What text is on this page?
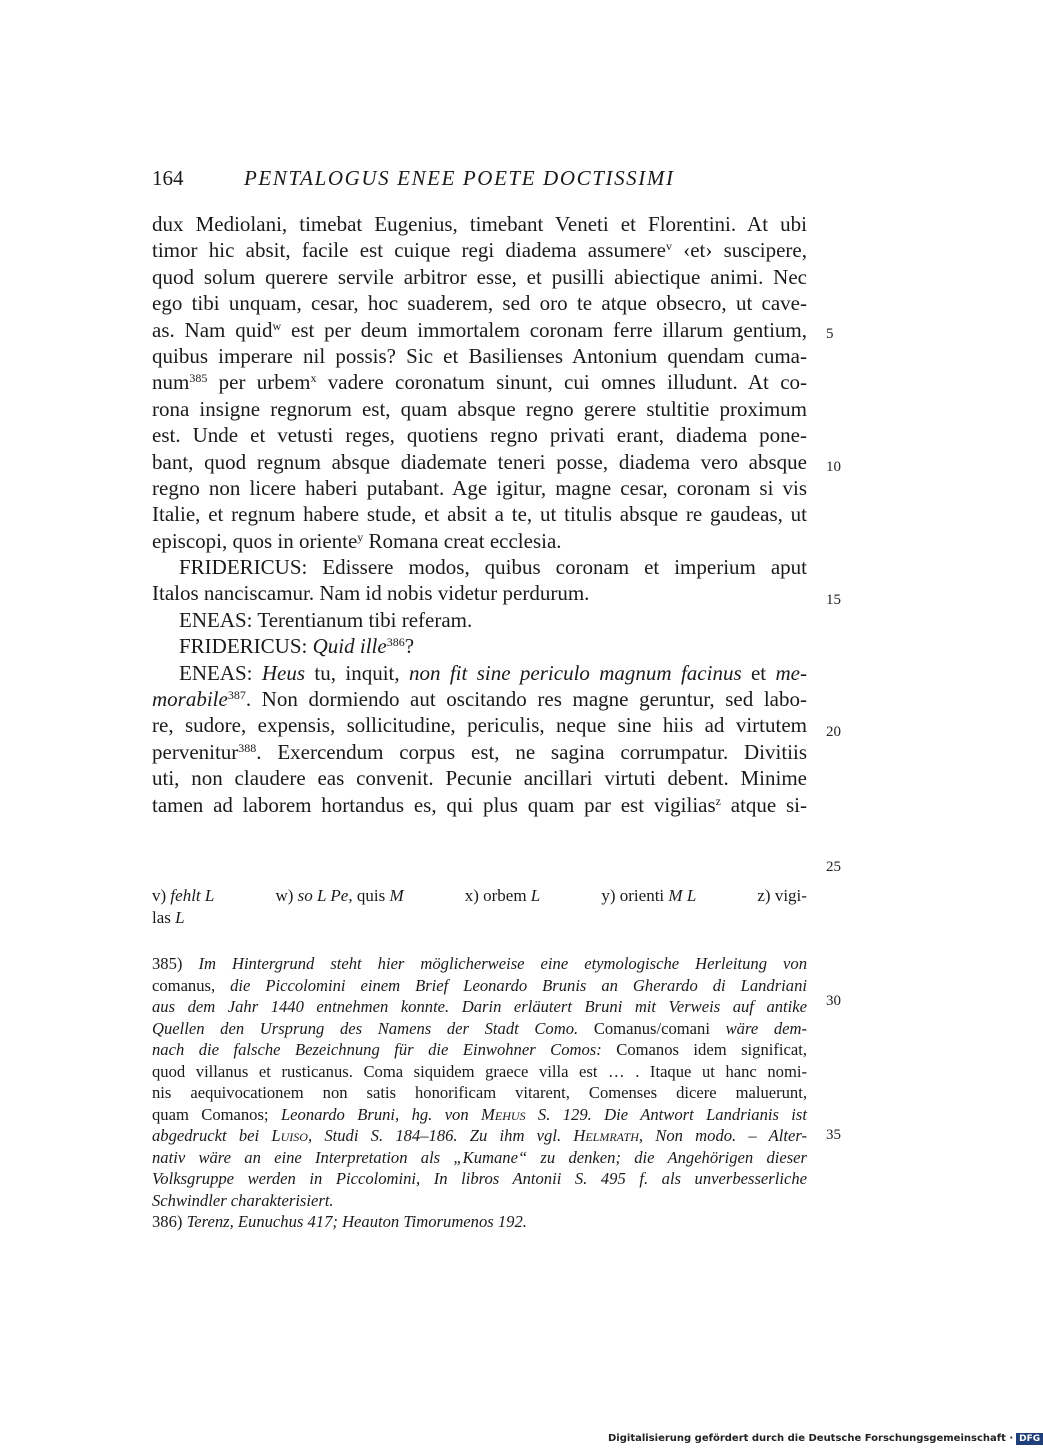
164	PENTALOGUS ENEE POETE DOCTISSIMI
dux Mediolani, timebat Eugenius, timebant Veneti et Florentini. At ubi
timor hic absit, facile est cuique regi diadema assumere$^v$ ‹et› suscipere,
quod solum querere servile arbitror esse, et pusilli abiectique animi. Nec
ego tibi unquam, cesar, hoc suaderem, sed oro te atque obsecro, ut cave-
as. Nam quid$^w$ est per deum immortalem coronam ferre illarum gentium,
quibus imperare nil possis? Sic et Basilienses Antonium quendam cuma-
num$^{385}$ per urbem$^x$ vadere coronatum sinunt, cui omnes illudunt. At co-
rona insigne regnorum est, quam absque regno gerere stultitie proximum
est. Unde et vetusti reges, quotiens regno privati erant, diadema pone-
bant, quod regnum absque diademate teneri posse, diadema vero absque
regno non licere haberi putabant. Age igitur, magne cesar, coronam si vis
Italie, et regnum habere stude, et absit a te, ut titulis absque re gaudeas, ut
episcopi, quos in oriente$^y$ Romana creat ecclesia.
FRIDERICUS: Edissere modos, quibus coronam et imperium aput
Italos nanciscamur. Nam id nobis videtur perdurum.
ENEAS: Terentianum tibi referam.
FRIDERICUS: Quid ille$^{386}$?
ENEAS: Heus tu, inquit, non fit sine periculo magnum facinus et me-
morabile$^{387}$. Non dormiendo aut oscitando res magne geruntur, sed labo-
re, sudore, expensis, sollicitudine, periculis, neque sine hiis ad virtutem
pervenitur$^{388}$. Exercendum corpus est, ne sagina corrumpatur. Divitiis
uti, non claudere eas convenit. Pecunie ancillari virtuti debent. Minime
tamen ad laborem hortandus es, qui plus quam par est vigilias$^z$ atque si-
5
10
15
20
25
30
35
v) fehlt L	w) so L Pe, quis M	x) orbem L	y) orienti M L	z) vigi-
las L
385) Im Hintergrund steht hier möglicherweise eine etymologische Herleitung von
comanus, die Piccolomini einem Brief Leonardo Brunis an Gherardo di Landriani
aus dem Jahr 1440 entnehmen konnte. Darin erläutert Bruni mit Verweis auf antike
Quellen den Ursprung des Namens der Stadt Como. Comanus/comani wäre dem-
nach die falsche Bezeichnung für die Einwohner Comos: Comanos idem significat,
quod villanus et rusticanus. Coma siquidem graece villa est … . Itaque ut hanc nomi-
nis aequivocationem non satis honorificam vitarent, Comenses dicere maluerunt,
quam Comanos; Leonardo Bruni, hg. von Mehus S. 129. Die Antwort Landrianis ist
abgedruckt bei Luiso, Studi S. 184–186. Zu ihm vgl. Helmrath, Non modo. – Alter-
nativ wäre an eine Interpretation als „Kumane“ zu denken; die Angehörigen dieser
Volksgruppe werden in Piccolomini, In libros Antonii S. 495 f. als unverbesserliche
Schwindler charakterisiert.
386) Terenz, Eunuchus 417; Heauton Timorumenos 192.
Digitalisierung gefördert durch die Deutsche Forschungsgemeinschaft · DFG
